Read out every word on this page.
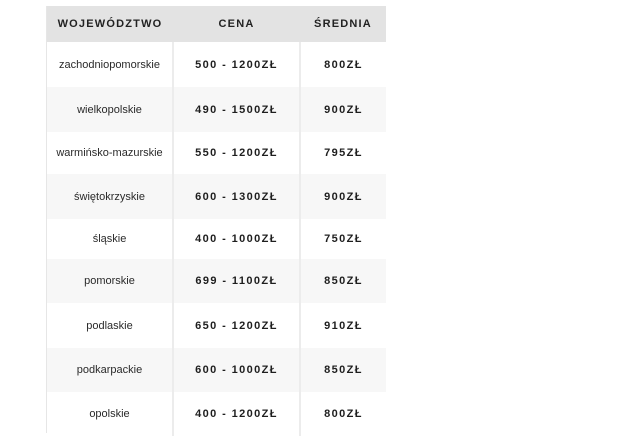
WOJEWÓDZTWO	CENA	ŚREDNIA
zachodniopomorskie	500 - 1200ZŁ	800ZŁ
wielkopolskie	490 - 1500ZŁ	900ZŁ
warmińsko-mazurskie	550 - 1200ZŁ	795ZŁ
świętokrzyskie	600 - 1300ZŁ	900ZŁ
śląskie	400 - 1000ZŁ	750ZŁ
pomorskie	699 - 1100ZŁ	850ZŁ
podlaskie	650 - 1200ZŁ	910ZŁ
podkarpackie	600 - 1000ZŁ	850ZŁ
opolskie	400 - 1200ZŁ	800ZŁ
